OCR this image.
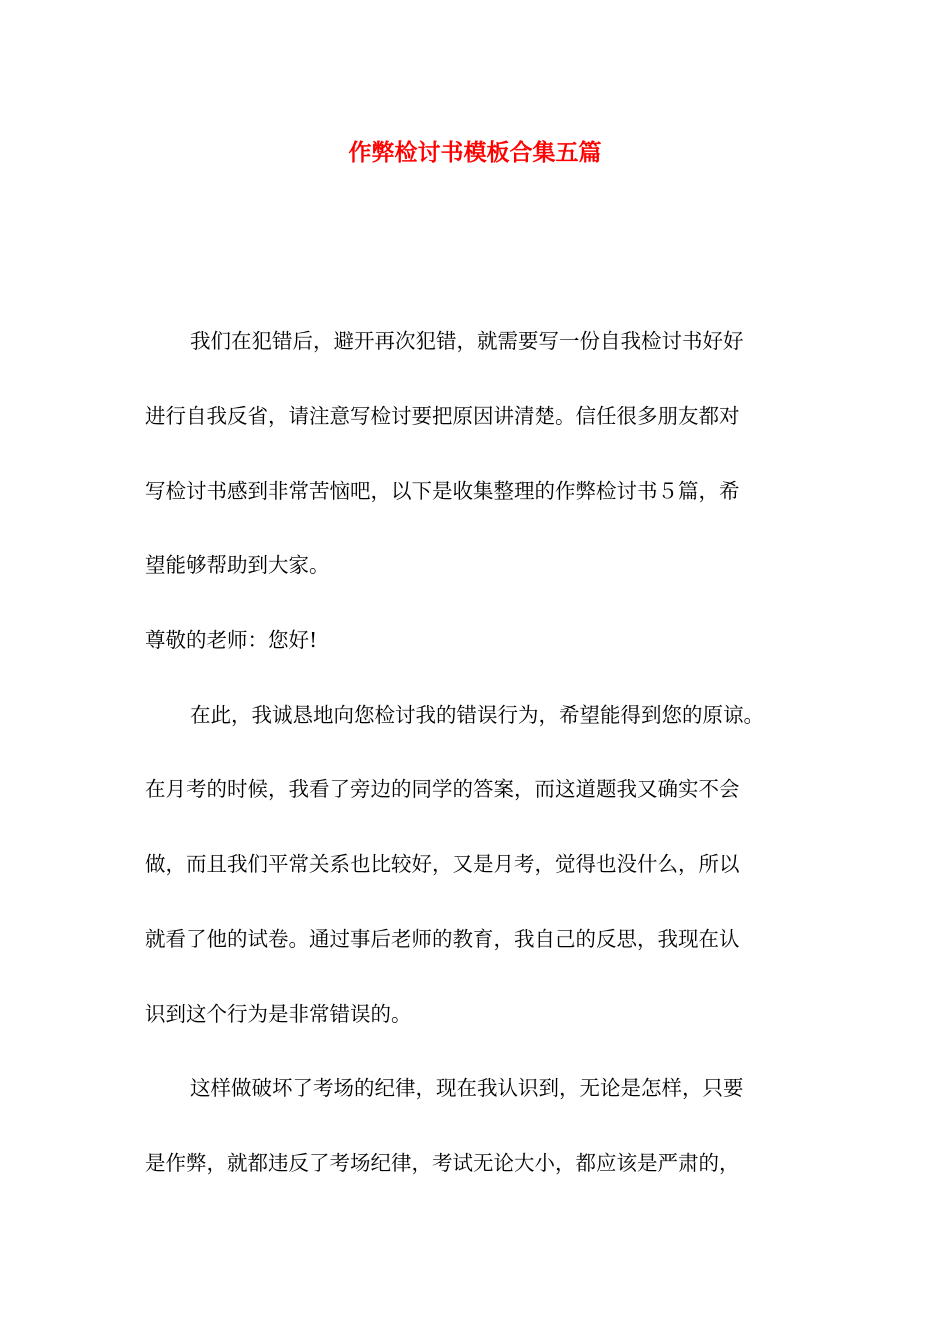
作弊检讨书模板合集五篇

我们在犯错后，避开再次犯错，就需要写一份自我检讨书好好

进行自我反省，请注意写检讨要把原因讲清楚。信任很多朋友都对

写检讨书感到非常苦恼吧，以下是收集整理的作弊检讨书５篇，希

望能够帮助到大家。

尊敬的老师：您好!

在此，我诚恳地向您检讨我的错误行为，希望能得到您的原谅。

在月考的时候，我看了旁边的同学的答案，而这道题我又确实不会

做，而且我们平常关系也比较好，又是月考，觉得也没什么，所以

就看了他的试卷。通过事后老师的教育，我自己的反思，我现在认

识到这个行为是非常错误的。

这样做破坏了考场的纪律，现在我认识到，无论是怎样，只要

是作弊，就都违反了考场纪律，考试无论大小，都应该是严肃的，
